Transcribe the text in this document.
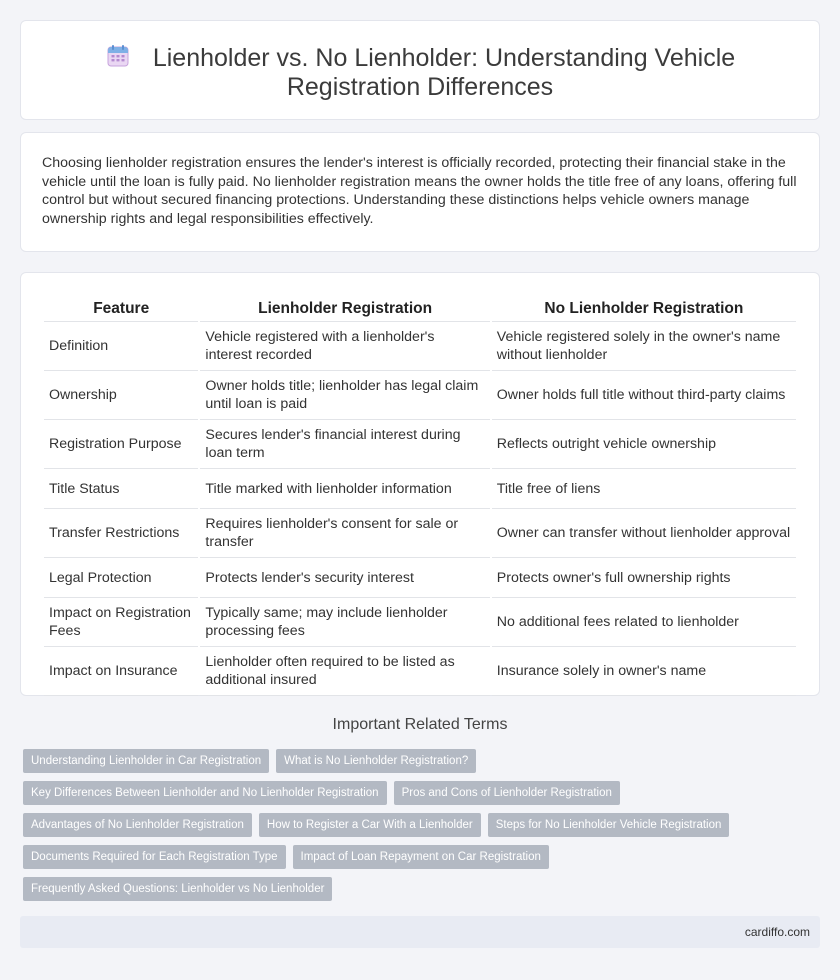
Lienholder vs. No Lienholder: Understanding Vehicle Registration Differences

Choosing lienholder registration ensures the lender's interest is officially recorded, protecting their financial stake in the vehicle until the loan is fully paid. No lienholder registration means the owner holds the title free of any loans, offering full control but without secured financing protections. Understanding these distinctions helps vehicle owners manage ownership rights and legal responsibilities effectively.

Feature	Lienholder Registration	No Lienholder Registration
Definition	Vehicle registered with a lienholder's interest recorded	Vehicle registered solely in the owner's name without lienholder
Ownership	Owner holds title; lienholder has legal claim until loan is paid	Owner holds full title without third-party claims
Registration Purpose	Secures lender's financial interest during loan term	Reflects outright vehicle ownership
Title Status	Title marked with lienholder information	Title free of liens
Transfer Restrictions	Requires lienholder's consent for sale or transfer	Owner can transfer without lienholder approval
Legal Protection	Protects lender's security interest	Protects owner's full ownership rights
Impact on Registration Fees	Typically same; may include lienholder processing fees	No additional fees related to lienholder
Impact on Insurance	Lienholder often required to be listed as additional insured	Insurance solely in owner's name
Important Related Terms
Understanding Lienholder in Car Registration	What is No Lienholder Registration?
Key Differences Between Lienholder and No Lienholder Registration	Pros and Cons of Lienholder Registration
Advantages of No Lienholder Registration	How to Register a Car With a Lienholder	Steps for No Lienholder Vehicle Registration
Documents Required for Each Registration Type	Impact of Loan Repayment on Car Registration
Frequently Asked Questions: Lienholder vs No Lienholder
cardiffo.com
